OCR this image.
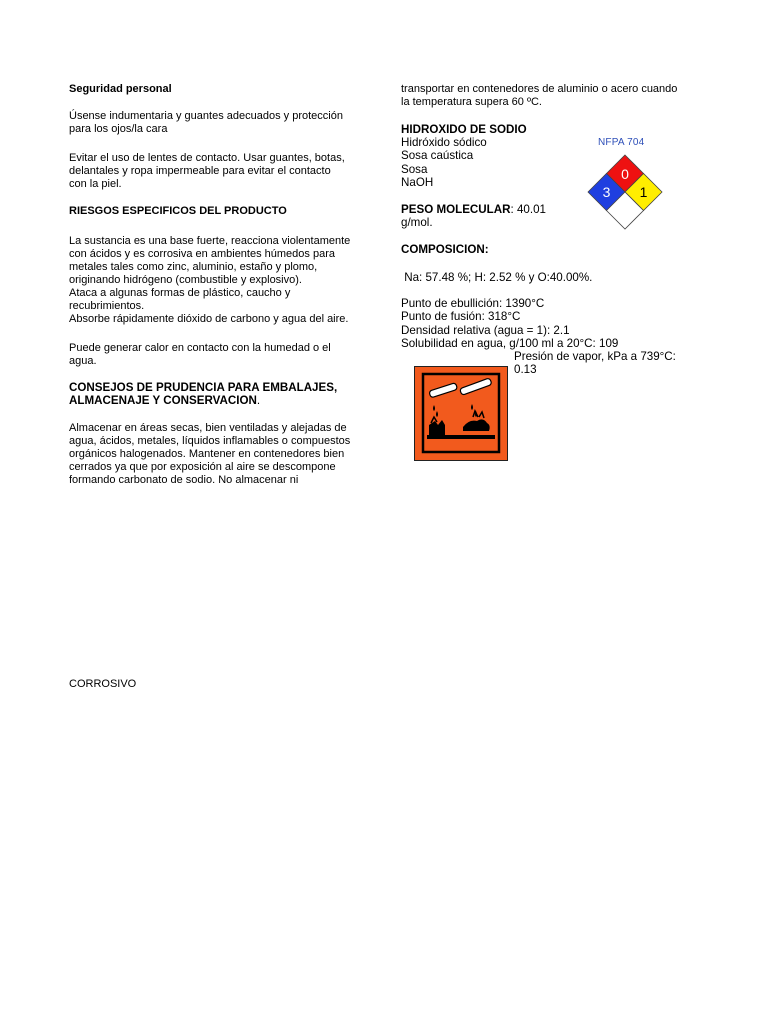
Seguridad personal

Úsense indumentaria y guantes adecuados y protección
para los ojos/la cara

Evitar el uso de lentes de contacto. Usar guantes, botas,
delantales y ropa impermeable para evitar el contacto
con la piel.

RIESGOS ESPECIFICOS DEL PRODUCTO

La sustancia es una base fuerte, reacciona violentamente
con ácidos y es corrosiva en ambientes húmedos para
metales tales como zinc, aluminio, estaño y plomo,
originando hidrógeno (combustible y explosivo).
Ataca a algunas formas de plástico, caucho y
recubrimientos.
Absorbe rápidamente dióxido de carbono y agua del aire.

Puede generar calor en contacto con la humedad o el
agua.

CONSEJOS DE PRUDENCIA PARA EMBALAJES,
ALMACENAJE Y CONSERVACION.

Almacenar en áreas secas, bien ventiladas y alejadas de
agua, ácidos, metales, líquidos inflamables o compuestos
orgánicos halogenados. Mantener en contenedores bien
cerrados ya que por exposición al aire se descompone
formando carbonato de sodio. No almacenar ni

CORROSIVO

transportar en contenedores de aluminio o acero cuando
la temperatura supera 60 ºC.

HIDROXIDO DE SODIO

Hidróxido sódico
Sosa caústica
Sosa
NaOH

PESO MOLECULAR: 40.01
g/mol.

COMPOSICION:

Na: 57.48 %; H: 2.52 % y O:40.00%.

Punto de ebullición: 1390°C
Punto de fusión: 318°C
Densidad relativa (agua = 1): 2.1
Solubilidad en agua, g/100 ml a 20°C: 109

Presión de vapor, kPa a 739°C:
0.13

NFPA 704
0
3 1
